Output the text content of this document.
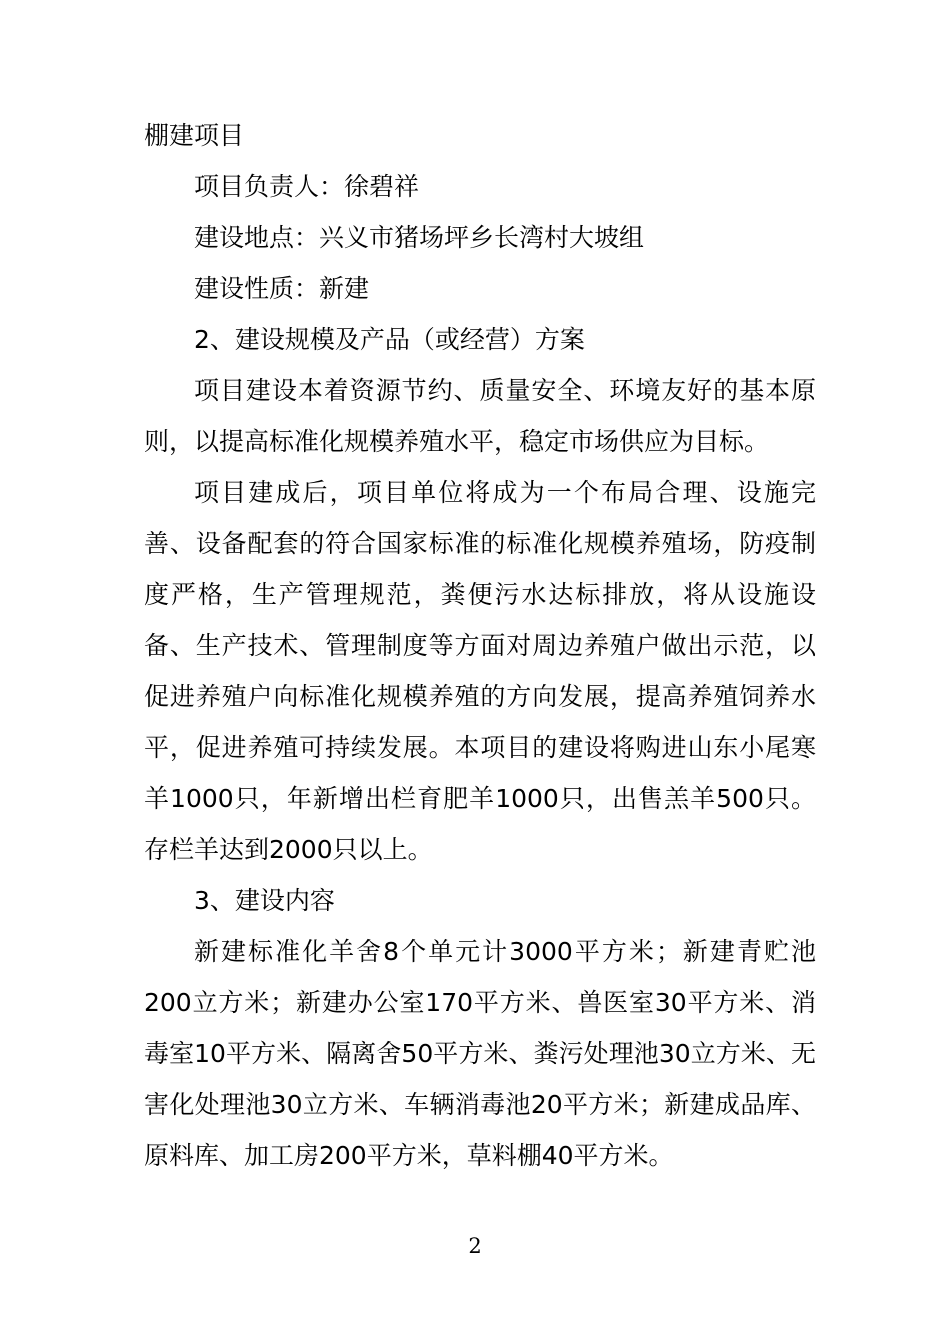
棚建项目

项目负责人：徐碧祥

建设地点：兴义市猪场坪乡长湾村大坡组

建设性质：新建

2、建设规模及产品（或经营）方案

项目建设本着资源节约、质量安全、环境友好的基本原则，以提高标准化规模养殖水平，稳定市场供应为目标。

项目建成后，项目单位将成为一个布局合理、设施完善、设备配套的符合国家标准的标准化规模养殖场，防疫制度严格，生产管理规范，粪便污水达标排放，将从设施设备、生产技术、管理制度等方面对周边养殖户做出示范，以促进养殖户向标准化规模养殖的方向发展，提高养殖饲养水平，促进养殖可持续发展。本项目的建设将购进山东小尾寒羊1000只，年新增出栏育肥羊1000只，出售羔羊500只。存栏羊达到2000只以上。

3、建设内容

新建标准化羊舍8个单元计3000平方米；新建青贮池200立方米；新建办公室170平方米、兽医室30平方米、消毒室10平方米、隔离舍50平方米、粪污处理池30立方米、无害化处理池30立方米、车辆消毒池20平方米；新建成品库、原料库、加工房200平方米，草料棚40平方米。

2
